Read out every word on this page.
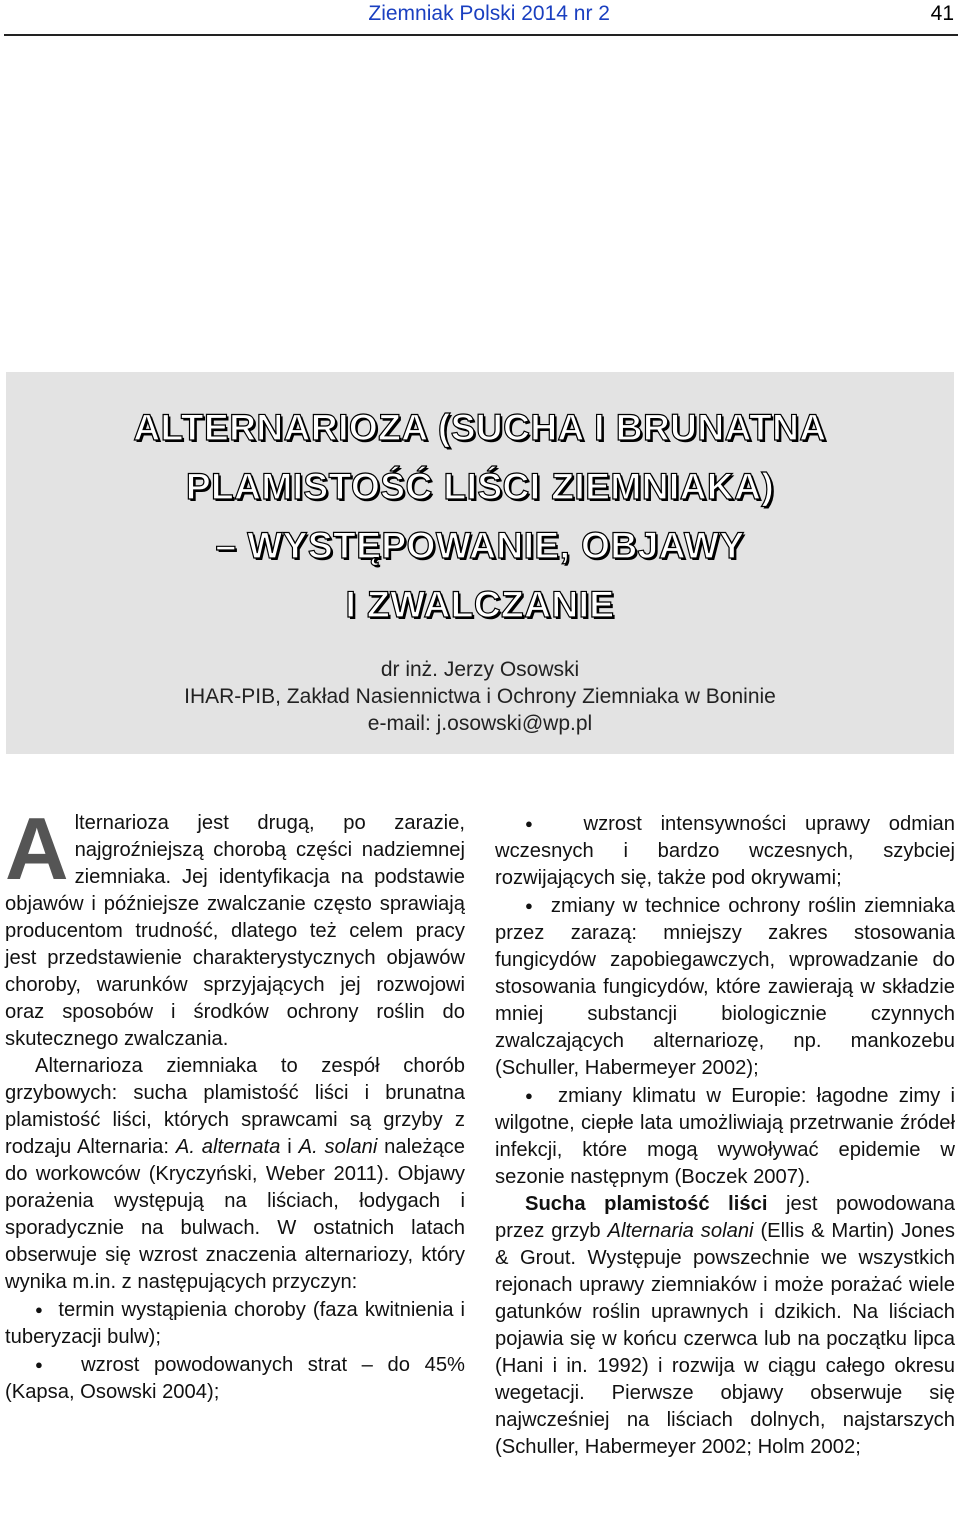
Ziemniak Polski 2014 nr 2	41
ALTERNARIOZA (SUCHA I BRUNATNA
PLAMISTOŚĆ LIŚCI ZIEMNIAKA)
– WYSTĘPOWANIE, OBJAWY
I ZWALCZANIE
dr inż. Jerzy Osowski
IHAR-PIB, Zakład Nasiennictwa i Ochrony Ziemniaka w Boninie
e-mail: j.osowski@wp.pl

Alternarioza jest drugą, po zarazie, najgroźniejszą chorobą części nadziemnej ziemniaka. Jej identyfikacja na podstawie objawów i późniejsze zwalczanie często sprawiają producentom trudność, dlatego też celem pracy jest przedstawienie charakterystycznych objawów choroby, warunków sprzyjających jej rozwojowi oraz sposobów i środków ochrony roślin do skutecznego zwalczania.

Alternarioza ziemniaka to zespół chorób grzybowych: sucha plamistość liści i brunatna plamistość liści, których sprawcami są grzyby z rodzaju Alternaria: A. alternata i A. solani należące do workowców (Kryczyński, Weber 2011). Objawy porażenia występują na liściach, łodygach i sporadycznie na bulwach. W ostatnich latach obserwuje się wzrost znaczenia alternariozy, który wynika m.in. z następujących przyczyn:

●   termin wystąpienia choroby (faza kwitnienia i tuberyzacji bulw);

●   wzrost powodowanych strat – do 45% (Kapsa, Osowski 2004);

●   wzrost intensywności uprawy odmian wczesnych i bardzo wczesnych, szybciej rozwijających się, także pod okrywami;

●   zmiany w technice ochrony roślin ziemniaka przez zarazą: mniejszy zakres stosowania fungicydów zapobiegawczych, wprowadzanie do stosowania fungicydów, które zawierają w składzie mniej substancji biologicznie czynnych zwalczających alternariozę, np. mankozebu (Schuller, Habermeyer 2002);

●   zmiany klimatu w Europie: łagodne zimy i wilgotne, ciepłe lata umożliwiają przetrwanie źródeł infekcji, które mogą wywoływać epidemie w sezonie następnym (Boczek 2007).

Sucha plamistość liści jest powodowana przez grzyb Alternaria solani (Ellis & Martin) Jones & Grout. Występuje powszechnie we wszystkich rejonach uprawy ziemniaków i może porażać wiele gatunków roślin uprawnych i dzikich. Na liściach pojawia się w końcu czerwca lub na początku lipca (Hani i in. 1992) i rozwija w ciągu całego okresu wegetacji. Pierwsze objawy obserwuje się najwcześniej na liściach dolnych, najstarszych (Schuller, Habermeyer 2002; Holm 2002;
